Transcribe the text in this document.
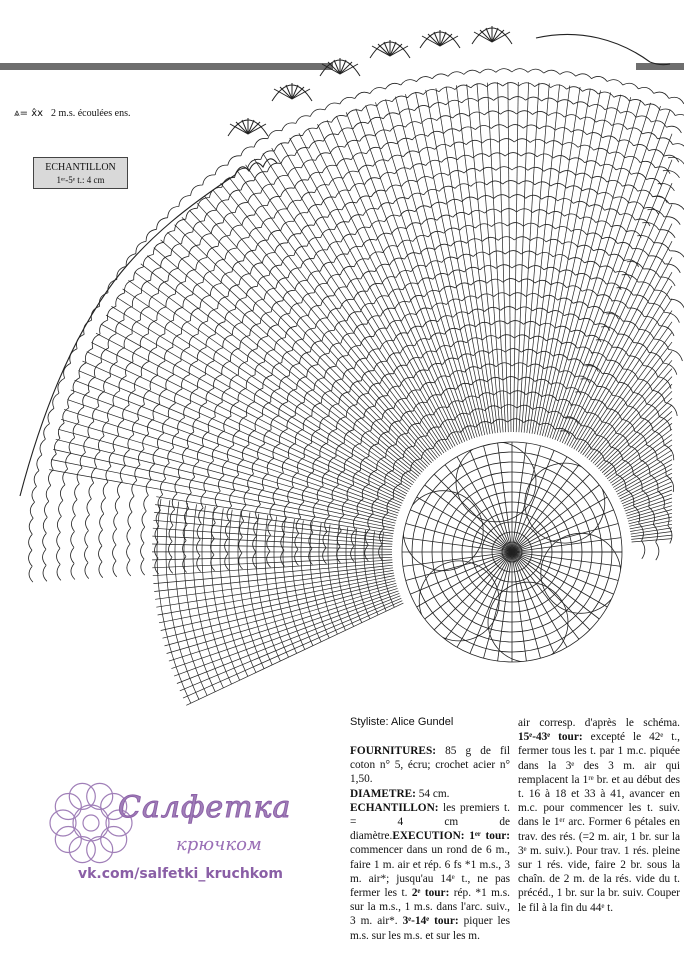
⩓= x̂x 2 m.s. écoulées ens.
ECHANTILLON
1ᵉʳ-5ᵉ t.: 4 cm
Styliste: Alice Gundel

FOURNITURES: 85 g de fil coton n° 5, écru; crochet acier n° 1,50.
DIAMETRE: 54 cm.
ECHANTILLON: les premiers t. = 4 cm de diamètre.EXECUTION: 1ᵉʳ tour: commencer dans un rond de 6 m., faire 1 m. air et rép. 6 fs *1 m.s., 3 m. air*; jusqu'au 14ᵉ t., ne pas fermer les t. 2ᵉ tour: rép. *1 m.s. sur la m.s., 1 m.s. dans l'arc. suiv., 3 m. air*. 3ᵉ-14ᵉ tour: piquer les m.s. sur les m.s. et sur les m.

air corresp. d'après le schéma. 15ᵉ-43ᵉ tour: excepté le 42ᵉ t., fermer tous les t. par 1 m.c. piquée dans la 3ᵉ des 3 m. air qui remplacent la 1ʳᵉ br. et au début des t. 16 à 18 et 33 à 41, avancer en m.c. pour commencer les t. suiv. dans le 1ᵉʳ arc. Former 6 pétales en trav. des rés. (=2 m. air, 1 br. sur la 3ᵉ m. suiv.). Pour trav. 1 rés. pleine sur 1 rés. vide, faire 2 br. sous la chaîn. de 2 m. de la rés. vide du t. précéd., 1 br. sur la br. suiv. Couper le fil à la fin du 44ᵉ t.

Салфетка
крючком
vk.com/salfetki_kruchkom
